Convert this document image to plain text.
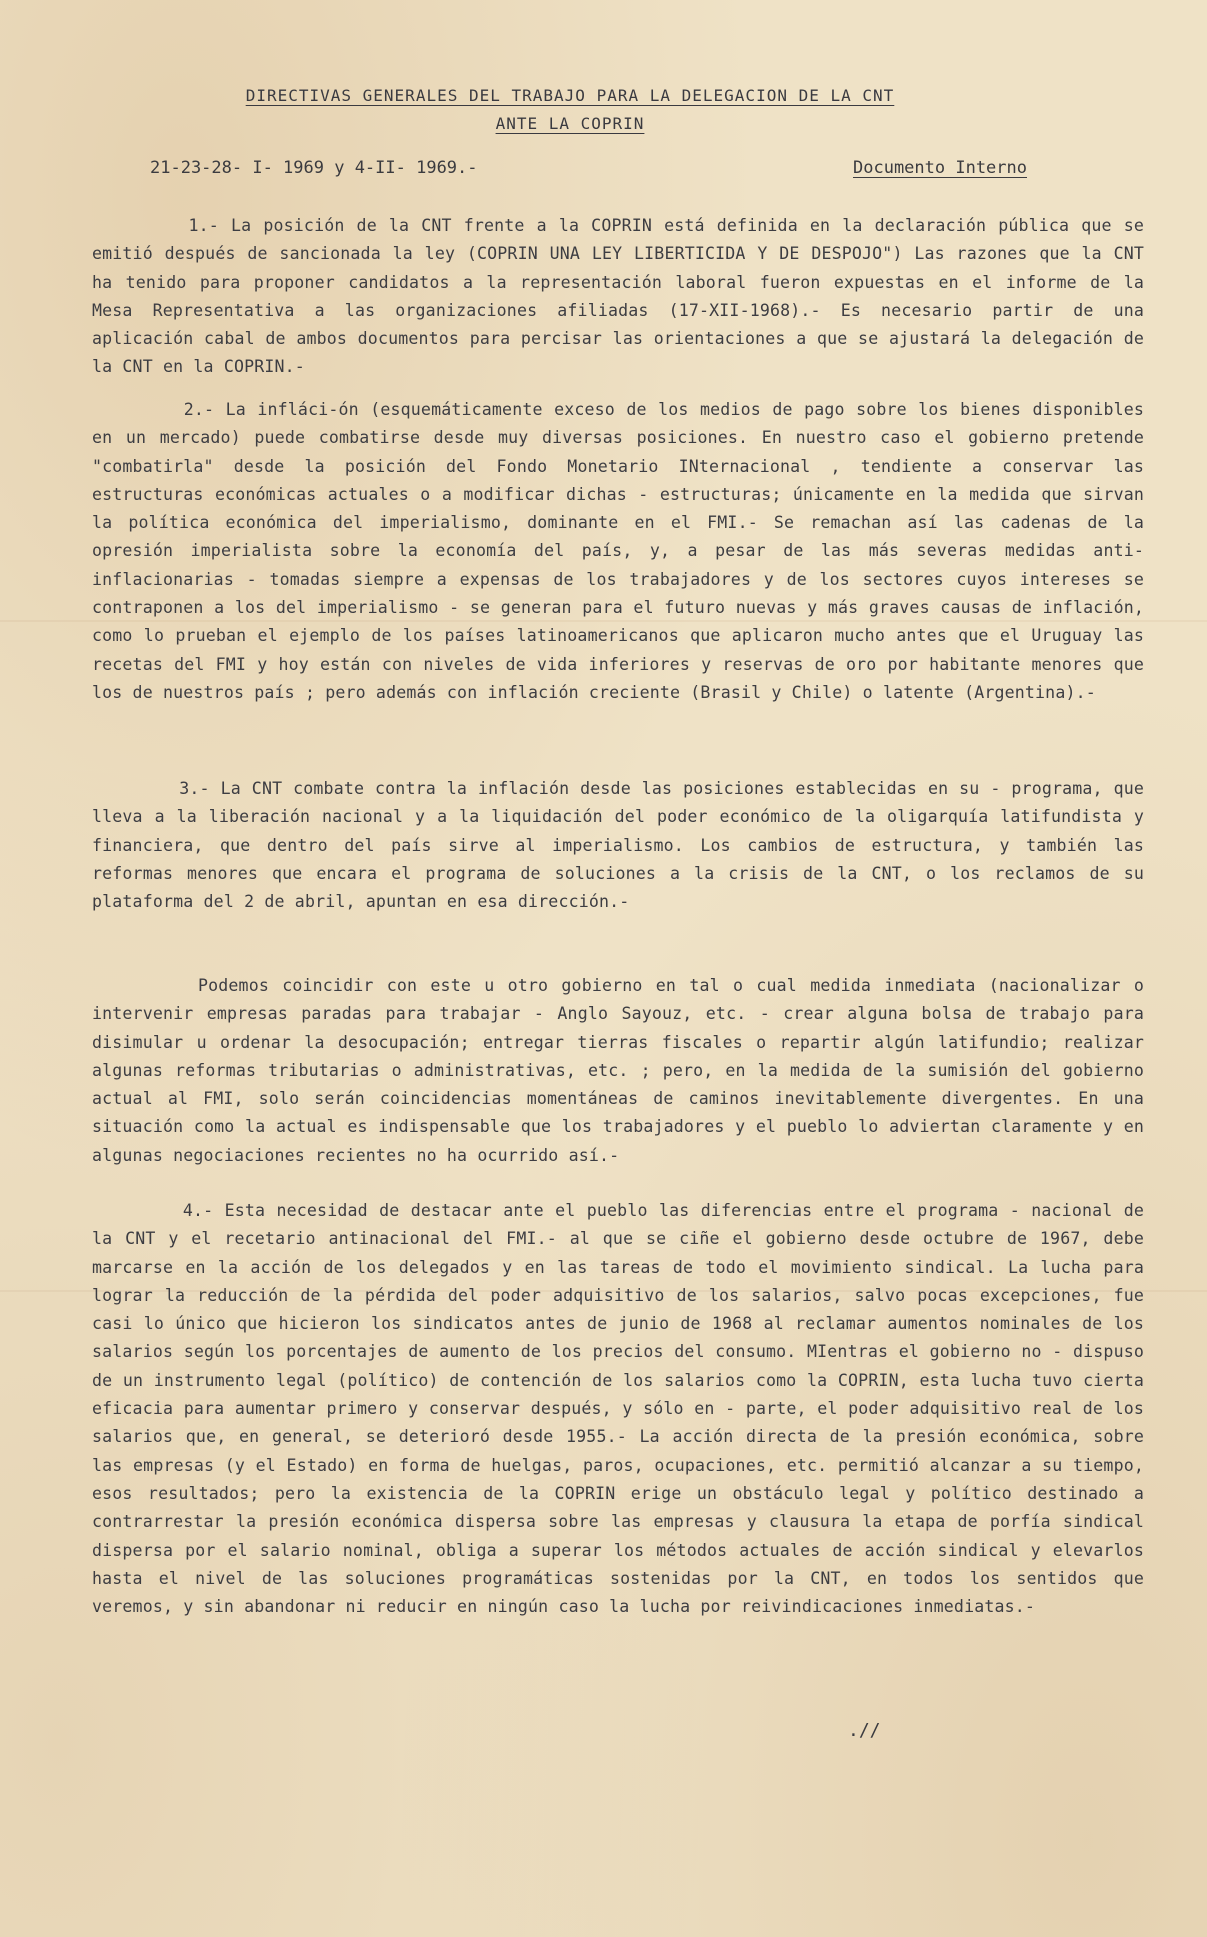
DIRECTIVAS GENERALES DEL TRABAJO PARA LA DELEGACION DE LA CNT
ANTE LA COPRIN
21-23-28- I- 1969 y 4-II- 1969.-	Documento Interno
1.- La posición de la CNT frente a la COPRIN está definida en la declaración pública que se emitió después de sancionada la ley (COPRIN UNA LEY LIBERTICIDA Y DE DESPOJO") Las razones que la CNT ha tenido para proponer candidatos a la representación laboral fueron expuestas en el informe de la Mesa Representativa a las organizaciones afiliadas (17-XII-1968).- Es necesario partir de una aplicación cabal de ambos documentos para percisar las orientaciones a que se ajustará la delegación de la CNT en la COPRIN.-
2.- La infláci-ón (esquemáticamente exceso de los medios de pago sobre los bienes disponibles en un mercado) puede combatirse desde muy diversas posiciones. En nuestro caso el gobierno pretende "combatirla" desde la posición del Fondo Monetario INternacional , tendiente a conservar las estructuras económicas actuales o a modificar dichas - estructuras; únicamente en la medida que sirvan la política económica del imperialismo, dominante en el FMI.- Se remachan así las cadenas de la opresión imperialista sobre la economía del país, y, a pesar de las más severas medidas anti-inflacionarias - tomadas siempre a expensas de los trabajadores y de los sectores cuyos intereses se contraponen a los del imperialismo - se generan para el futuro nuevas y más graves causas de inflación, como lo prueban el ejemplo de los países latinoamericanos que aplicaron mucho antes que el Uruguay las recetas del FMI y hoy están con niveles de vida inferiores y reservas de oro por habitante menores que los de nuestros país ; pero además con inflación creciente (Brasil y Chile) o latente (Argentina).-
3.- La CNT combate contra la inflación desde las posiciones establecidas en su - programa, que lleva a la liberación nacional y a la liquidación del poder económico de la oligarquía latifundista y financiera, que dentro del país sirve al imperialismo. Los cambios de estructura, y también las reformas menores que encara el programa de soluciones a la crisis de la CNT, o los reclamos de su plataforma del 2 de abril, apuntan en esa dirección.-
Podemos coincidir con este u otro gobierno en tal o cual medida inmediata (nacionalizar o intervenir empresas paradas para trabajar - Anglo Sayouz, etc. - crear alguna bolsa de trabajo para disimular u ordenar la desocupación; entregar tierras fiscales o repartir algún latifundio; realizar algunas reformas tributarias o administrativas, etc. ; pero, en la medida de la sumisión del gobierno actual al FMI, solo serán coincidencias momentáneas de caminos inevitablemente divergentes. En una situación como la actual es indispensable que los trabajadores y el pueblo lo adviertan claramente y en algunas negociaciones recientes no ha ocurrido así.-
4.- Esta necesidad de destacar ante el pueblo las diferencias entre el programa - nacional de la CNT y el recetario antinacional del FMI.- al que se ciñe el gobierno desde octubre de 1967, debe marcarse en la acción de los delegados y en las tareas de todo el movimiento sindical. La lucha para lograr la reducción de la pérdida del poder adquisitivo de los salarios, salvo pocas excepciones, fue casi lo único que hicieron los sindicatos antes de junio de 1968 al reclamar aumentos nominales de los salarios según los porcentajes de aumento de los precios del consumo. MIentras el gobierno no - dispuso de un instrumento legal (político) de contención de los salarios como la COPRIN, esta lucha tuvo cierta eficacia para aumentar primero y conservar después, y sólo en - parte, el poder adquisitivo real de los salarios que, en general, se deterioró desde 1955.- La acción directa de la presión económica, sobre las empresas (y el Estado) en forma de huelgas, paros, ocupaciones, etc. permitió alcanzar a su tiempo, esos resultados; pero la existencia de la COPRIN erige un obstáculo legal y político destinado a contrarrestar la presión económica dispersa sobre las empresas y clausura la etapa de porfía sindical dispersa por el salario nominal, obliga a superar los métodos actuales de acción sindical y elevarlos hasta el nivel de las soluciones programáticas sostenidas por la CNT, en todos los sentidos que veremos, y sin abandonar ni reducir en ningún caso la lucha por reivindicaciones inmediatas.-
.//
